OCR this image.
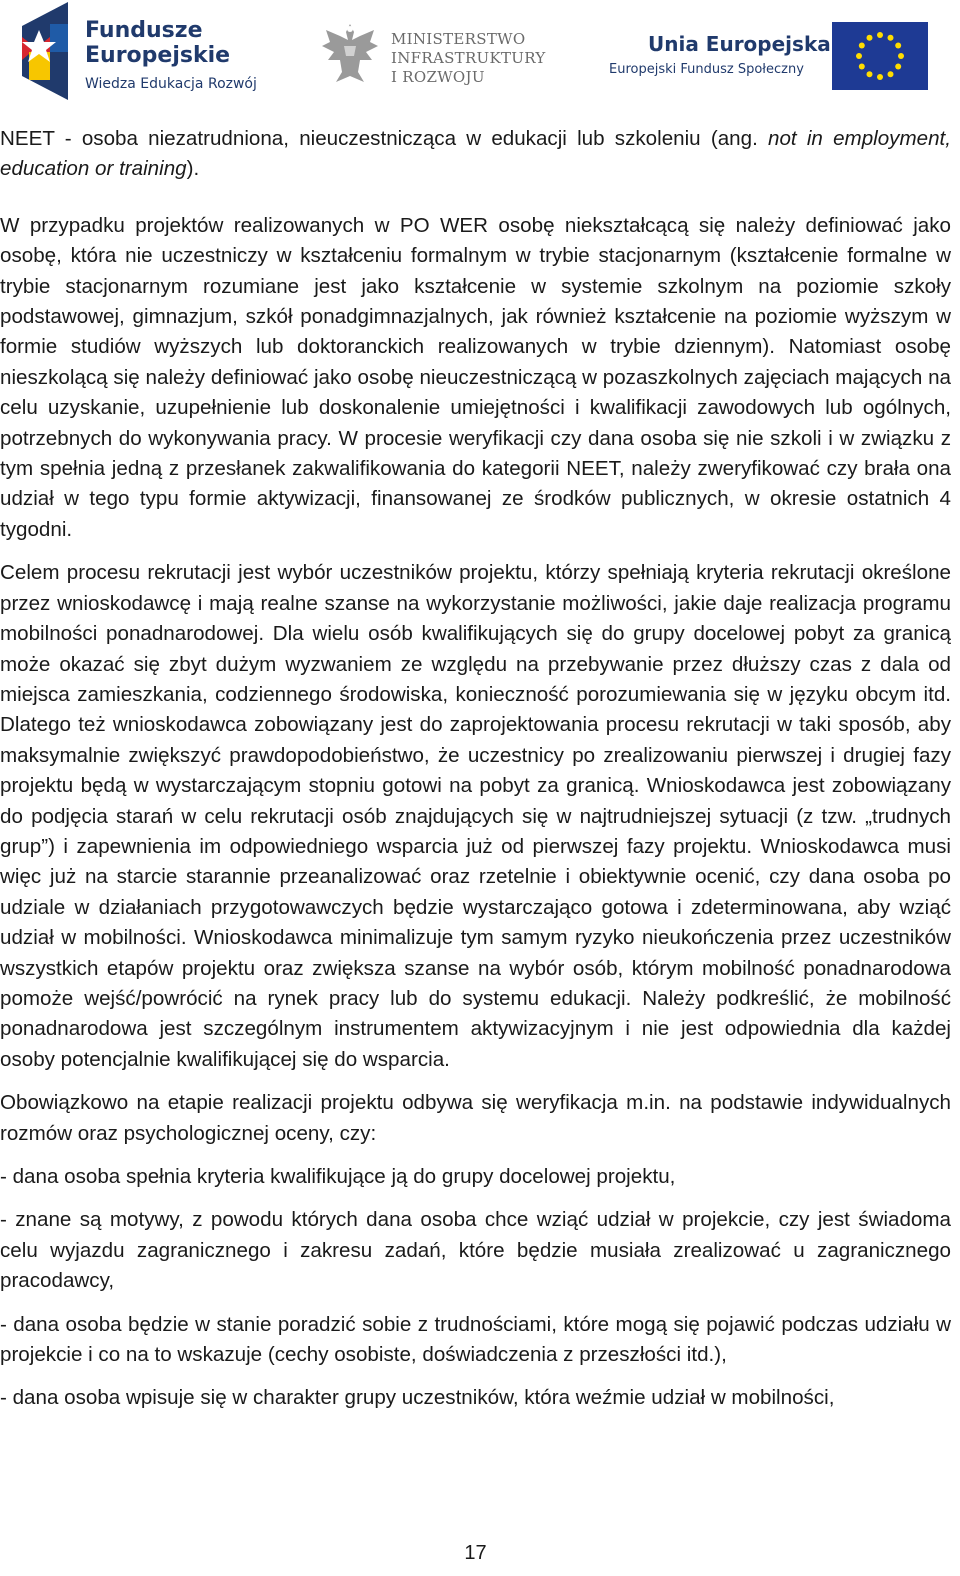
Fundusze
Europejskie
Wiedza Edukacja Rozwój
MINISTERSTWO
INFRASTRUKTURY
I ROZWOJU
Unia Europejska
Europejski Fundusz Społeczny

NEET - osoba niezatrudniona, nieuczestnicząca w edukacji lub szkoleniu (ang. not in employment, education or training).

W przypadku projektów realizowanych w PO WER osobę niekształcącą się należy definiować jako osobę, która nie uczestniczy w kształceniu formalnym w trybie stacjonarnym (kształcenie formalne w trybie stacjonarnym rozumiane jest jako kształcenie w systemie szkolnym na poziomie szkoły podstawowej, gimnazjum, szkół ponadgimnazjalnych, jak również kształcenie na poziomie wyższym w formie studiów wyższych lub doktoranckich realizowanych w trybie dziennym). Natomiast osobę nieszkolącą się należy definiować jako osobę nieuczestniczącą w pozaszkolnych zajęciach mających na celu uzyskanie, uzupełnienie lub doskonalenie umiejętności i kwalifikacji zawodowych lub ogólnych, potrzebnych do wykonywania pracy. W procesie weryfikacji czy dana osoba się nie szkoli i w związku z tym spełnia jedną z przesłanek zakwalifikowania do kategorii NEET, należy zweryfikować czy brała ona udział w tego typu formie aktywizacji, finansowanej ze środków publicznych, w okresie ostatnich 4 tygodni.

Celem procesu rekrutacji jest wybór uczestników projektu, którzy spełniają kryteria rekrutacji określone przez wnioskodawcę i mają realne szanse na wykorzystanie możliwości, jakie daje realizacja programu mobilności ponadnarodowej. Dla wielu osób kwalifikujących się do grupy docelowej pobyt za granicą może okazać się zbyt dużym wyzwaniem ze względu na przebywanie przez dłuższy czas z dala od miejsca zamieszkania, codziennego środowiska, konieczność porozumiewania się w języku obcym itd. Dlatego też wnioskodawca zobowiązany jest do zaprojektowania procesu rekrutacji w taki sposób, aby maksymalnie zwiększyć prawdopodobieństwo, że uczestnicy po zrealizowaniu pierwszej i drugiej fazy projektu będą w wystarczającym stopniu gotowi na pobyt za granicą. Wnioskodawca jest zobowiązany do podjęcia starań w celu rekrutacji osób znajdujących się w najtrudniejszej sytuacji (z tzw. „trudnych grup”) i zapewnienia im odpowiedniego wsparcia już od pierwszej fazy projektu. Wnioskodawca musi więc już na starcie starannie przeanalizować oraz rzetelnie i obiektywnie ocenić, czy dana osoba po udziale w działaniach przygotowawczych będzie wystarczająco gotowa i zdeterminowana, aby wziąć udział w mobilności. Wnioskodawca minimalizuje tym samym ryzyko nieukończenia przez uczestników wszystkich etapów projektu oraz zwiększa szanse na wybór osób, którym mobilność ponadnarodowa pomoże wejść/powrócić na rynek pracy lub do systemu edukacji. Należy podkreślić, że mobilność ponadnarodowa jest szczególnym instrumentem aktywizacyjnym i nie jest odpowiednia dla każdej osoby potencjalnie kwalifikującej się do wsparcia.

Obowiązkowo na etapie realizacji projektu odbywa się weryfikacja m.in. na podstawie indywidualnych rozmów oraz psychologicznej oceny, czy:

- dana osoba spełnia kryteria kwalifikujące ją do grupy docelowej projektu,

- znane są motywy, z powodu których dana osoba chce wziąć udział w projekcie, czy jest świadoma celu wyjazdu zagranicznego i zakresu zadań, które będzie musiała zrealizować u zagranicznego pracodawcy,

- dana osoba będzie w stanie poradzić sobie z trudnościami, które mogą się pojawić podczas udziału w projekcie i co na to wskazuje (cechy osobiste, doświadczenia z przeszłości itd.),

- dana osoba wpisuje się w charakter grupy uczestników, która weźmie udział w mobilności,

17
